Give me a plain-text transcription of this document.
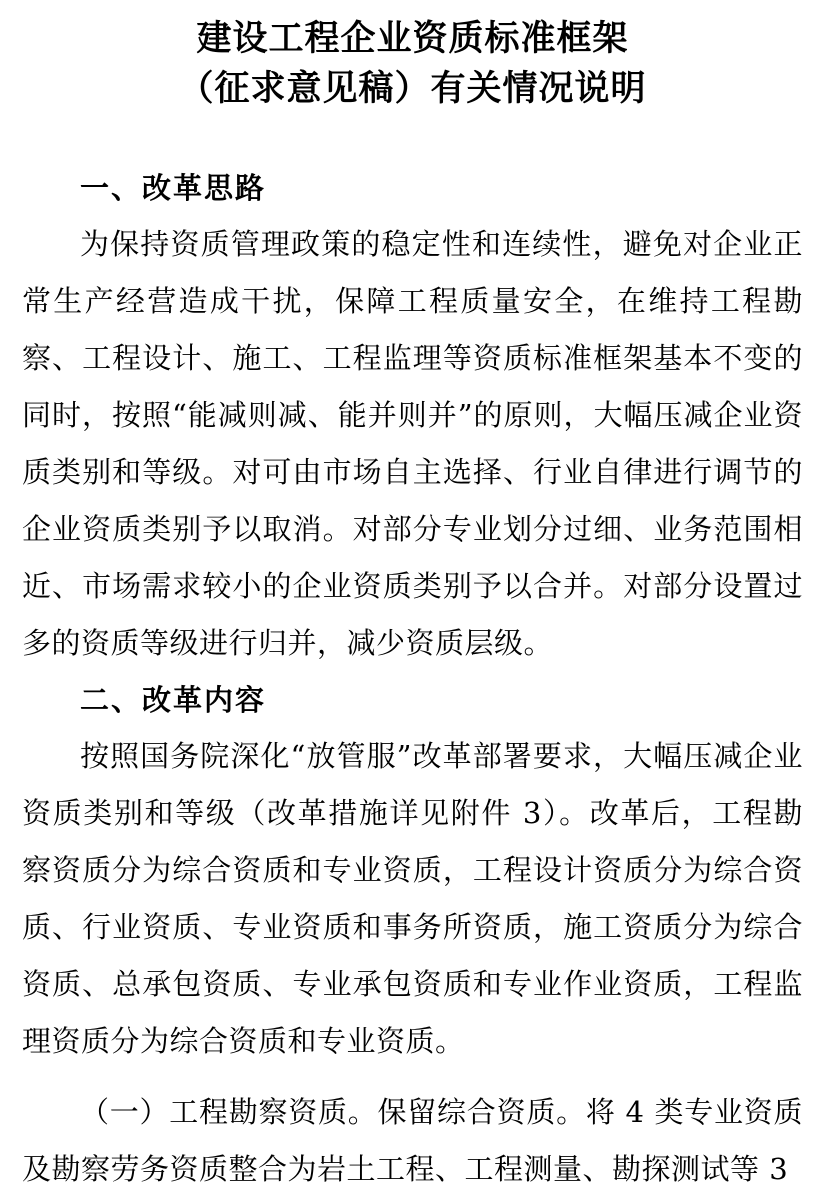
建设工程企业资质标准框架
（征求意见稿）有关情况说明
一、改革思路

为保持资质管理政策的稳定性和连续性，避免对企业正常生产经营造成干扰，保障工程质量安全，在维持工程勘察、工程设计、施工、工程监理等资质标准框架基本不变的同时，按照“能减则减、能并则并”的原则，大幅压减企业资质类别和等级。对可由市场自主选择、行业自律进行调节的企业资质类别予以取消。对部分专业划分过细、业务范围相近、市场需求较小的企业资质类别予以合并。对部分设置过多的资质等级进行归并，减少资质层级。

二、改革内容

按照国务院深化“放管服”改革部署要求，大幅压减企业资质类别和等级（改革措施详见附件 3）。改革后，工程勘察资质分为综合资质和专业资质，工程设计资质分为综合资质、行业资质、专业资质和事务所资质，施工资质分为综合资质、总承包资质、专业承包资质和专业作业资质，工程监理资质分为综合资质和专业资质。

（一）工程勘察资质。保留综合资质。将 4 类专业资质及勘察劳务资质整合为岩土工程、工程测量、勘探测试等 3
